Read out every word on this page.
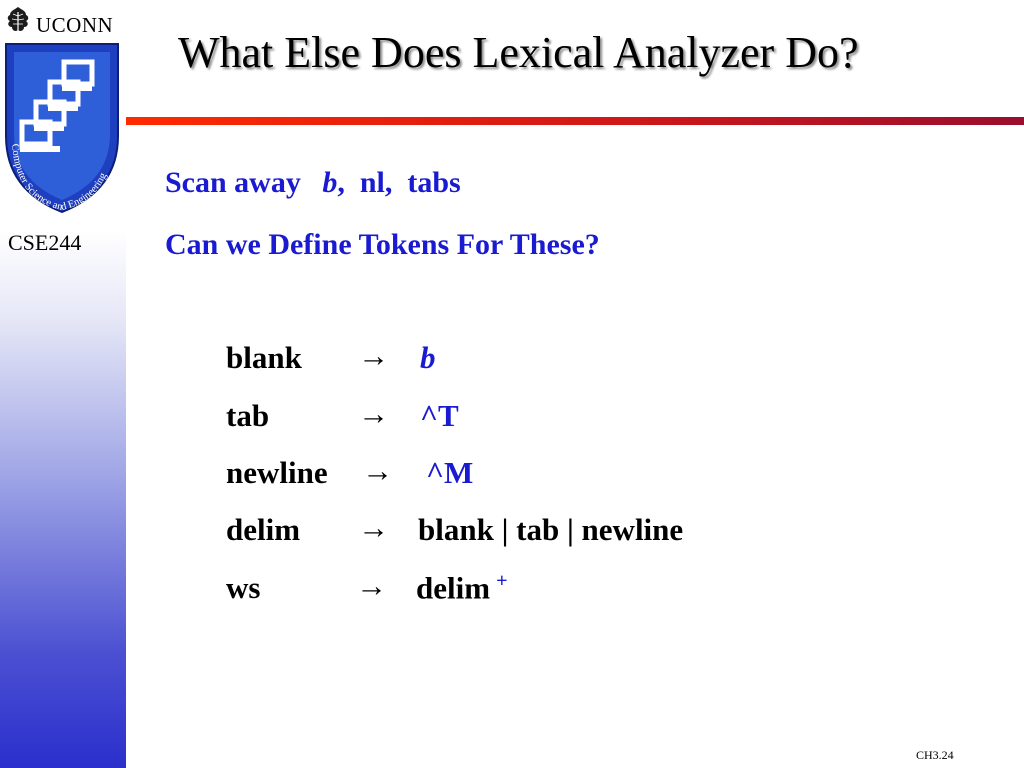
UCONN
Computer Science and Engineering
CSE244
What Else Does Lexical Analyzer Do?
Scan away b,  nl,  tabs
Can we Define Tokens For These?
blank → b
tab	→ ^T
newline → ^M
delim → blank | tab | newline
ws	→ delim +
CH3.24
